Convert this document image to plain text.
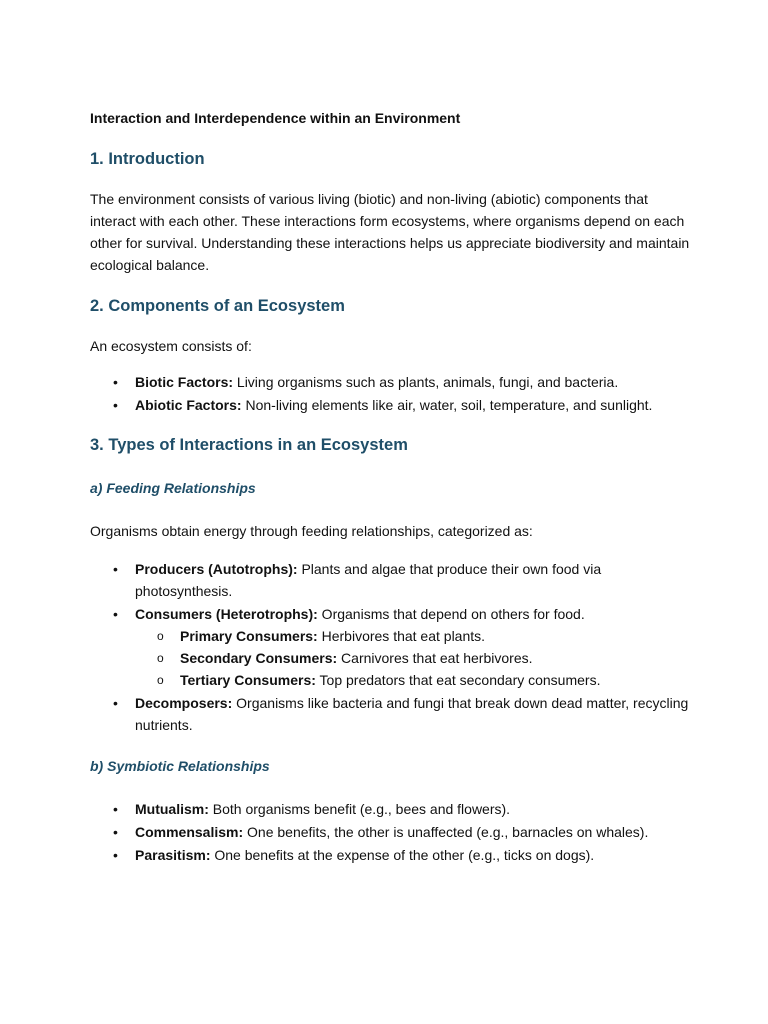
Interaction and Interdependence within an Environment
1. Introduction

The environment consists of various living (biotic) and non-living (abiotic) components that interact with each other. These interactions form ecosystems, where organisms depend on each other for survival. Understanding these interactions helps us appreciate biodiversity and maintain ecological balance.

2. Components of an Ecosystem

An ecosystem consists of:

• Biotic Factors: Living organisms such as plants, animals, fungi, and bacteria.
• Abiotic Factors: Non-living elements like air, water, soil, temperature, and sunlight.
3. Types of Interactions in an Ecosystem
a) Feeding Relationships

Organisms obtain energy through feeding relationships, categorized as:

• Producers (Autotrophs): Plants and algae that produce their own food via photosynthesis.
• Consumers (Heterotrophs): Organisms that depend on others for food.
o Primary Consumers: Herbivores that eat plants.
o Secondary Consumers: Carnivores that eat herbivores.
o Tertiary Consumers: Top predators that eat secondary consumers.
• Decomposers: Organisms like bacteria and fungi that break down dead matter, recycling nutrients.
b) Symbiotic Relationships
• Mutualism: Both organisms benefit (e.g., bees and flowers).
• Commensalism: One benefits, the other is unaffected (e.g., barnacles on whales).
• Parasitism: One benefits at the expense of the other (e.g., ticks on dogs).
